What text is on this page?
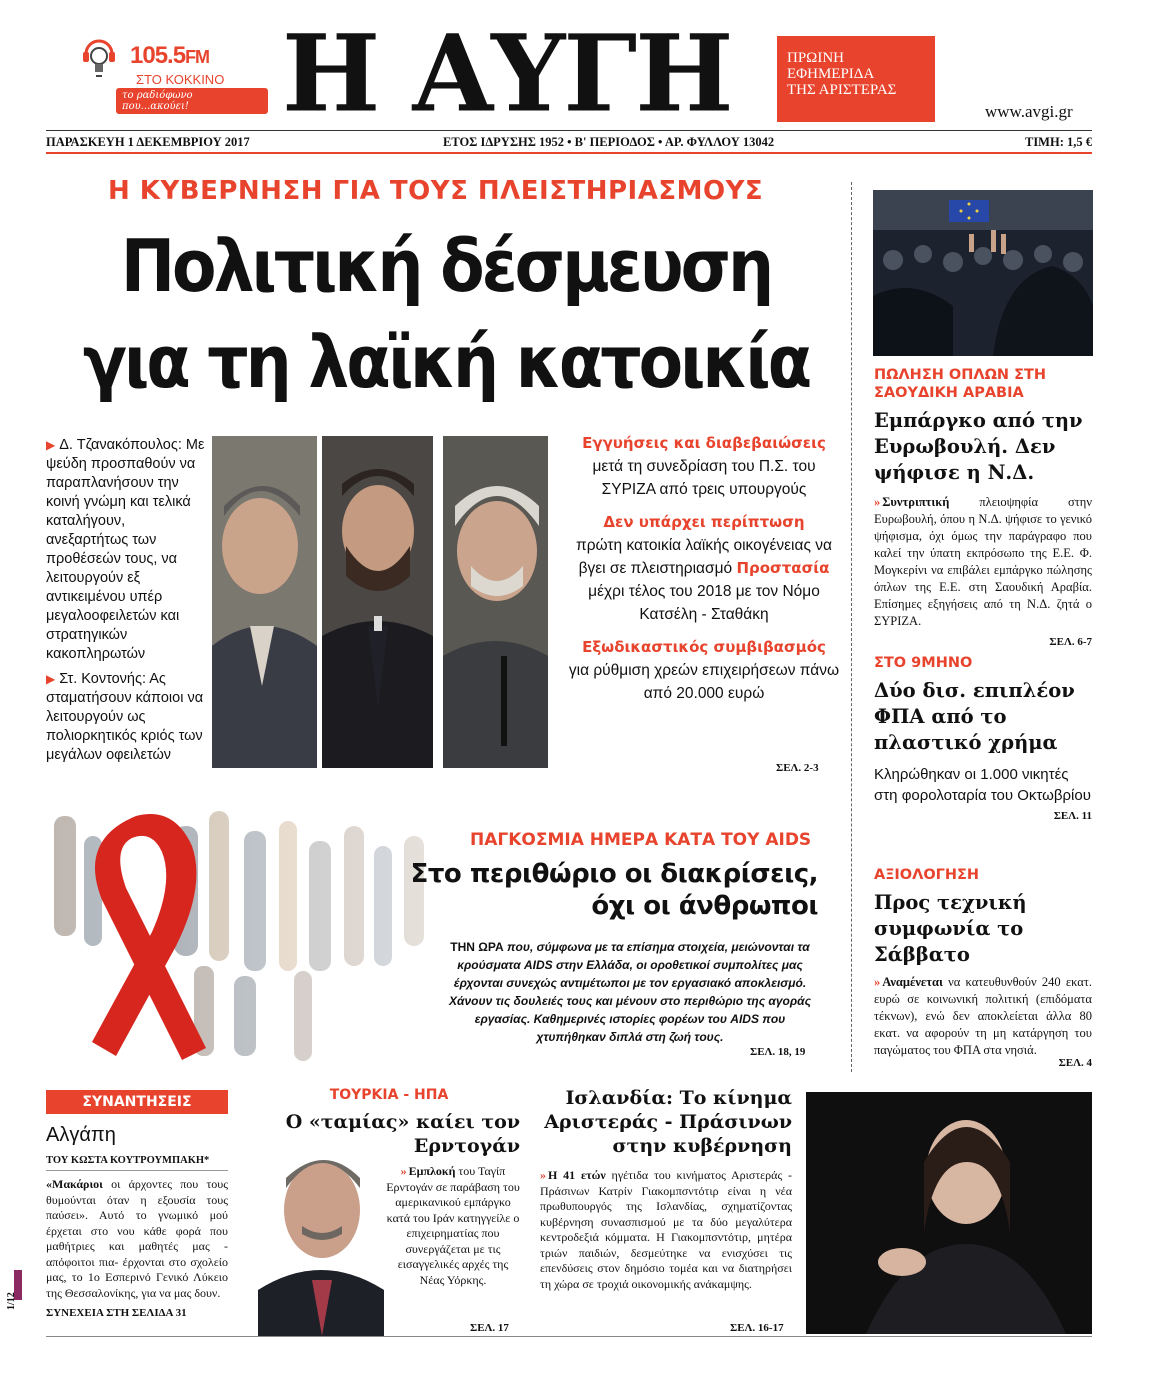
105.5FM
ΣΤΟ ΚΟΚΚΙΝΟ
το ραδιόφωνο που...ακούει! Η ΑΥΓΗ	ΠΡΩΙΝΗ
ΕΦΗΜΕΡΙΔΑ
ΤΗΣ ΑΡΙΣΤΕΡΑΣ
www.avgi.gr
ΠΑΡΑΣΚΕΥΗ 1 ΔΕΚΕΜΒΡΙΟΥ 2017	ΕΤΟΣ ΙΔΡΥΣΗΣ 1952 • Β' ΠΕΡΙΟΔΟΣ • ΑΡ. ΦΥΛΛΟΥ 13042	ΤΙΜΗ: 1,5 €
Η ΚΥΒΕΡΝΗΣΗ ΓΙΑ ΤΟΥΣ ΠΛΕΙΣΤΗΡΙΑΣΜΟΥΣ
Πολιτική δέσμευση
για τη λαϊκή κατοικία

▶ Δ. Τζανακόπουλος: Με ψεύδη προσπαθούν να παραπλανήσουν την κοινή γνώμη και τελικά καταλήγουν, ανεξαρτήτως των προθέσεών τους, να λειτουργούν εξ αντικειμένου υπέρ μεγαλοοφειλετών και στρατηγικών κακοπληρωτών

▶ Στ. Κοντονής: Ας σταματήσουν κάποιοι να λειτουργούν ως πολιορκητικός κριός των μεγάλων οφειλετών

Εγγυήσεις και διαβεβαιώσεις μετά τη συνεδρίαση του Π.Σ. του ΣΥΡΙΖΑ από τρεις υπουργούς

Δεν υπάρχει περίπτωση
πρώτη κατοικία λαϊκής οικογένειας να βγει σε πλειστηριασμό Προστασία μέχρι τέλος του 2018 με τον Νόμο Κατσέλη - Σταθάκη

Εξωδικαστικός συμβιβασμός
για ρύθμιση χρεών επιχειρήσεων πάνω από 20.000 ευρώ

ΣΕΛ. 2-3
ΠΑΓΚΟΣΜΙΑ ΗΜΕΡΑ ΚΑΤΑ ΤΟΥ AIDS
Στο περιθώριο οι διακρίσεις,
όχι οι άνθρωποι
ΤΗΝ ΩΡΑ που, σύμφωνα με τα επίσημα στοιχεία, μειώνονται τα κρούσματα AIDS στην Ελλάδα, οι οροθετικοί συμπολίτες μας έρχονται συνεχώς αντιμέτωποι με τον εργασιακό αποκλεισμό. Χάνουν τις δουλειές τους και μένουν στο περιθώριο της αγοράς εργασίας. Καθημερινές ιστορίες φορέων του AIDS που χτυπήθηκαν διπλά στη ζωή τους.
ΣΕΛ. 18, 19
ΠΩΛΗΣΗ ΟΠΛΩΝ ΣΤΗ ΣΑΟΥΔΙΚΗ ΑΡΑΒΙΑ
Εμπάργκο από την Ευρωβουλή. Δεν ψήφισε η Ν.Δ.
» Συντριπτική πλειοψηφία στην Ευρωβουλή, όπου η Ν.Δ. ψήφισε το γενικό ψήφισμα, όχι όμως την παράγραφο που καλεί την ύπατη εκπρόσωπο της Ε.Ε. Φ. Μογκερίνι να επιβάλει εμπάργκο πώλησης όπλων της Ε.Ε. στη Σαουδική Αραβία. Επίσημες εξηγήσεις από τη Ν.Δ. ζητά ο ΣΥΡΙΖΑ.
ΣΕΛ. 6-7
ΣΤΟ 9ΜΗΝΟ
Δύο δισ. επιπλέον ΦΠΑ από το πλαστικό χρήμα
Κληρώθηκαν οι 1.000 νικητές στη φορολοταρία του Οκτωβρίου
ΣΕΛ. 11
ΑΞΙΟΛΟΓΗΣΗ
Προς τεχνική συμφωνία το Σάββατο
» Αναμένεται να κατευθυνθούν 240 εκατ. ευρώ σε κοινωνική πολιτική (επιδόματα τέκνων), ενώ δεν αποκλείεται άλλα 80 εκατ. να αφορούν τη μη κατάργηση του παγώματος του ΦΠΑ στα νησιά.
ΣΕΛ. 4
ΣΥΝΑΝΤΗΣΕΙΣ
Αλγάπη
ΤΟΥ ΚΩΣΤΑ ΚΟΥΤΡΟΥΜΠΑΚΗ*
«Μακάριοι οι άρχοντες που τους θυμούνται όταν η εξουσία τους παύσει». Αυτό το γνωμικό μού έρχεται στο νου κάθε φορά που μαθήτριες και μαθητές μας - απόφοιτοι πια- έρχονται στο σχολείο μας, το 1ο Εσπερινό Γενικό Λύκειο της Θεσσαλονίκης, για να μας δουν.
ΣΥΝΕΧΕΙΑ ΣΤΗ ΣΕΛΙΔΑ 31
1/12
ΤΟΥΡΚΙΑ - ΗΠΑ
Ο «ταμίας» καίει τον Ερντογάν
» Εμπλοκή του Ταγίπ Ερντογάν σε παράβαση του αμερικανικού εμπάργκο κατά του Ιράν κατηγγείλε ο επιχειρηματίας που συνεργάζεται με τις εισαγγελικές αρχές της Νέας Υόρκης.
ΣΕΛ. 17
Ισλανδία: Το κίνημα Αριστεράς - Πράσινων στην κυβέρνηση
» Η 41 ετών ηγέτιδα του κινήματος Αριστεράς - Πράσινων Κατρίν Γιακομπσντότιρ είναι η νέα πρωθυπουργός της Ισλανδίας, σχηματίζοντας κυβέρνηση συνασπισμού με τα δύο μεγαλύτερα κεντροδεξιά κόμματα. Η Γιακομπσντότιρ, μητέρα τριών παιδιών, δεσμεύτηκε να ενισχύσει τις επενδύσεις στον δημόσιο τομέα και να διατηρήσει τη χώρα σε τροχιά οικονομικής ανάκαμψης.
ΣΕΛ. 16-17
